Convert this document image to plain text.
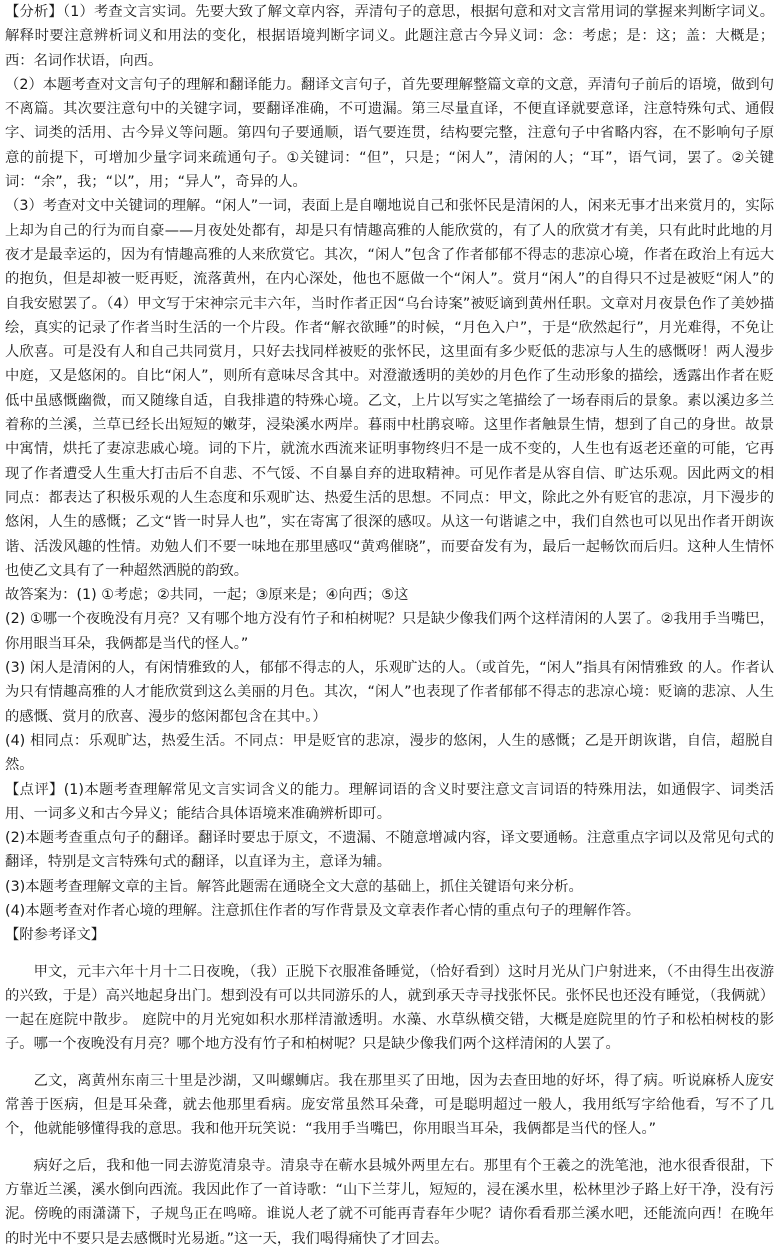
【分析】（1）考查文言实词。先要大致了解文章内容，弄清句子的意思，根据句意和对文言常用词的掌握来判断字词义。解释时要注意辨析词义和用法的变化，根据语境判断字词义。此题注意古今异义词：念：考虑；是：这；盖：大概是；西：名词作状语，向西。

（2）本题考查对文言句子的理解和翻译能力。翻译文言句子，首先要理解整篇文章的文意，弄清句子前后的语境，做到句不离篇。其次要注意句中的关键字词，要翻译准确，不可遗漏。第三尽量直译，不便直译就要意译，注意特殊句式、通假字、词类的活用、古今异义等问题。第四句子要通顺，语气要连贯，结构要完整，注意句子中省略内容，在不影响句子原意的前提下，可增加少量字词来疏通句子。①关键词：“但”，只是；“闲人”，清闲的人；“耳”，语气词，罢了。②关键词：“余”，我；“以”，用；“异人”，奇异的人。

（3）考查对文中关键词的理解。“闲人”一词，表面上是自嘲地说自己和张怀民是清闲的人，闲来无事才出来赏月的，实际上却为自己的行为而自豪——月夜处处都有，却是只有情趣高雅的人能欣赏的，有了人的欣赏才有美，只有此时此地的月夜才是最幸运的，因为有情趣高雅的人来欣赏它。其次，“闲人”包含了作者郁郁不得志的悲凉心境，作者在政治上有远大的抱负，但是却被一贬再贬，流落黄州，在内心深处，他也不愿做一个“闲人”。赏月“闲人”的自得只不过是被贬“闲人”的自我安慰罢了。（4）甲文写于宋神宗元丰六年，当时作者正因“乌台诗案”被贬谪到黄州任职。文章对月夜景色作了美妙描绘，真实的记录了作者当时生活的一个片段。作者“解衣欲睡”的时候，“月色入户”，于是“欣然起行”，月光难得，不免让人欣喜。可是没有人和自己共同赏月，只好去找同样被贬的张怀民，这里面有多少贬低的悲凉与人生的感慨呀！两人漫步中庭，又是悠闲的。自比“闲人”，则所有意味尽含其中。对澄澈透明的美妙的月色作了生动形象的描绘，透露出作者在贬低中虽感慨幽微，而又随缘自适，自我排遣的特殊心境。乙文，上片以写实之笔描绘了一场春雨后的景象。素以溪边多兰着称的兰溪，兰草已经长出短短的嫩芽，浸染溪水两岸。暮雨中杜鹃哀啼。这里作者触景生情，想到了自己的身世。故景中寓情，烘托了妻凉悲戚心境。词的下片，就流水西流来证明事物终归不是一成不变的，人生也有返老还童的可能，它再现了作者遭受人生重大打击后不自悲、不气馁、不自暴自弃的进取精神。可见作者是从容自信、旷达乐观。因此两文的相同点：都表达了积极乐观的人生态度和乐观旷达、热爱生活的思想。不同点：甲文，除此之外有贬官的悲凉，月下漫步的悠闲，人生的感慨；乙文“皆一时异人也”，实在寄寓了很深的感叹。从这一句谐谑之中，我们自然也可以见出作者开朗诙谐、活泼风趣的性情。劝勉人们不要一味地在那里感叹“黄鸡催晓”，而要奋发有为，最后一起畅饮而后归。这种人生情怀也使乙文具有了一种超然洒脱的韵致。

故答案为：(1) ①考虑；②共同，一起；③原来是；④向西；⑤这

(2) ①哪一个夜晚没有月亮？又有哪个地方没有竹子和柏树呢？只是缺少像我们两个这样清闲的人罢了。②我用手当嘴巴，你用眼当耳朵，我俩都是当代的怪人。”

(3) 闲人是清闲的人，有闲情雅致的人，郁郁不得志的人，乐观旷达的人。（或首先，“闲人”指具有闲情雅致 的人。作者认为只有情趣高雅的人才能欣赏到这么美丽的月色。其次，“闲人”也表现了作者郁郁不得志的悲凉心境：贬谪的悲凉、人生的感慨、赏月的欣喜、漫步的悠闲都包含在其中。）

(4) 相同点：乐观旷达，热爱生活。不同点：甲是贬官的悲凉，漫步的悠闲，人生的感慨；乙是开朗诙谐，自信，超脱自然。

【点评】(1)本题考查理解常见文言实词含义的能力。理解词语的含义时要注意文言词语的特殊用法，如通假字、词类活用、一词多义和古今异义；能结合具体语境来准确辨析即可。

(2)本题考查重点句子的翻译。翻译时要忠于原文，不遗漏、不随意增减内容，译文要通畅。注意重点字词以及常见句式的翻译，特别是文言特殊句式的翻译，以直译为主，意译为辅。

(3)本题考查理解文章的主旨。解答此题需在通晓全文大意的基础上，抓住关键语句来分析。

(4)本题考查对作者心境的理解。注意抓住作者的写作背景及文章表作者心情的重点句子的理解作答。

【附参考译文】

甲文，元丰六年十月十二日夜晚，（我）正脱下衣服准备睡觉，（恰好看到）这时月光从门户射进来，（不由得生出夜游的兴致，于是）高兴地起身出门。想到没有可以共同游乐的人，就到承天寺寻找张怀民。张怀民也还没有睡觉，（我俩就）一起在庭院中散步。 庭院中的月光宛如积水那样清澈透明。水藻、水草纵横交错，大概是庭院里的竹子和松柏树枝的影子。哪一个夜晚没有月亮？哪个地方没有竹子和柏树呢？只是缺少像我们两个这样清闲的人罢了。

乙文，离黄州东南三十里是沙湖，又叫螺蛳店。我在那里买了田地，因为去查田地的好坏，得了病。听说麻桥人庞安常善于医病，但是耳朵聋，就去他那里看病。庞安常虽然耳朵聋，可是聪明超过一般人，我用纸写字给他看，写不了几个，他就能够懂得我的意思。我和他开玩笑说：“我用手当嘴巴，你用眼当耳朵，我俩都是当代的怪人。”

病好之后，我和他一同去游览清泉寺。清泉寺在蕲水县城外两里左右。那里有个王羲之的洗笔池，池水很香很甜，下方靠近兰溪，溪水倒向西流。我因此作了一首诗歌：“山下兰芽儿，短短的，浸在溪水里，松林里沙子路上好干净，没有污泥。傍晚的雨潇潇下，子规鸟正在鸣啼。谁说人老了就不可能再青春年少呢？请你看看那兰溪水吧，还能流向西！在晚年的时光中不要只是去感慨时光易逝。”这一天，我们喝得痛快了才回去。
